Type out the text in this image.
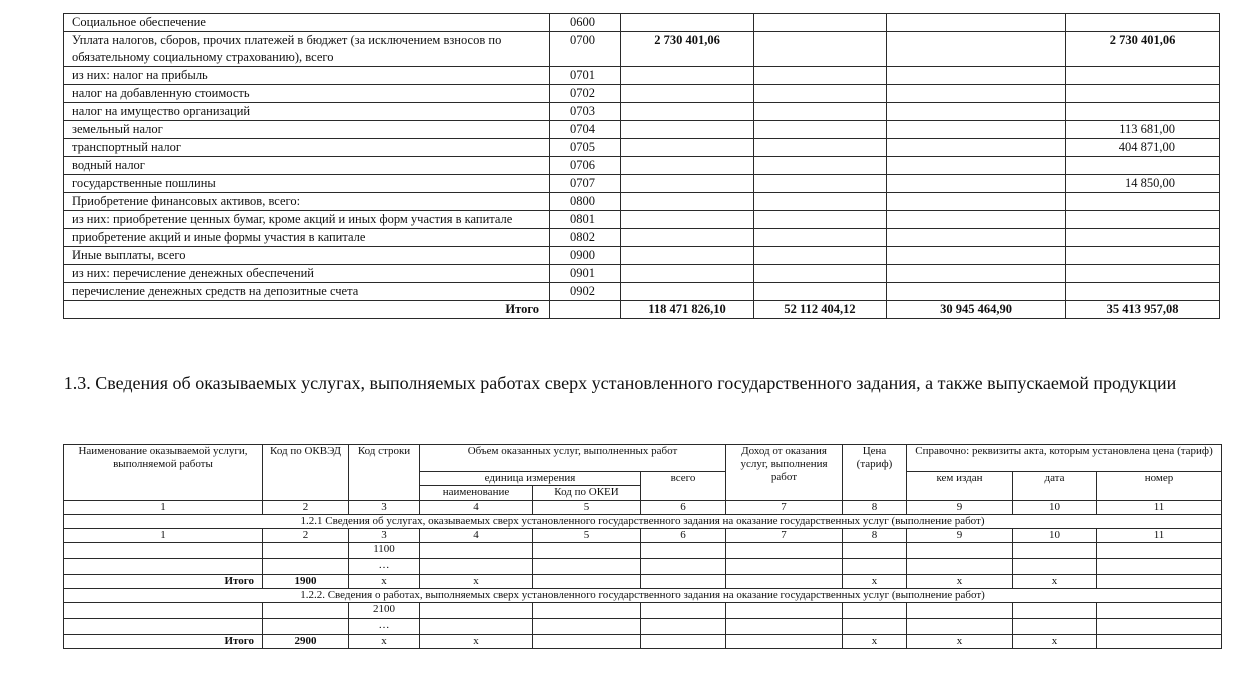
Социальное обеспечение	0600				
Уплата налогов, сборов, прочих платежей в бюджет (за исключением взносов по обязательному социальному страхованию), всего	0700	2 730 401,06			2 730 401,06
из них: налог на прибыль	0701				
налог на добавленную стоимость	0702				
налог на имущество организаций	0703				
земельный налог	0704				113 681,00
транспортный налог	0705				404 871,00
водный налог	0706				
государственные пошлины	0707				14 850,00
Приобретение финансовых активов, всего:	0800				
из них: приобретение ценных бумаг, кроме акций и иных форм участия в капитале	0801				
приобретение акций и иные формы участия в капитале	0802				
Иные выплаты, всего	0900				
из них: перечисление денежных обеспечений	0901				
перечисление денежных средств на депозитные счета	0902				
Итого		118 471 826,10	52 112 404,12	30 945 464,90	35 413 957,08
1.3. Сведения об оказываемых услугах, выполняемых работах сверх установленного государственного задания, а также выпускаемой продукции
Наименование оказываемой услуги, выполняемой работы	Код по ОКВЭД	Код строки	Объем оказанных услуг, выполненных работ			Доход от оказания услуг, выполнения работ	Цена (тариф)	Справочно: реквизиты акта, которым установлена цена (тариф)		
			единица измерения		всего			кем издан	дата	номер
			наименование	Код по ОКЕИ						
1	2	3	4	5	6	7	8	9	10	11
1.2.1 Сведения об услугах, оказываемых сверх установленного государственного задания на оказание государственных услуг (выполнение работ)										
1	2	3	4	5	6	7	8	9	10	11
		1100								
		…								
Итого	1900	х	х				х	х	х	
1.2.2. Сведения о работах, выполняемых сверх установленного государственного задания на оказание государственных услуг (выполнение работ)										
		2100								
		…								
Итого	2900	х	х				х	х	х	
